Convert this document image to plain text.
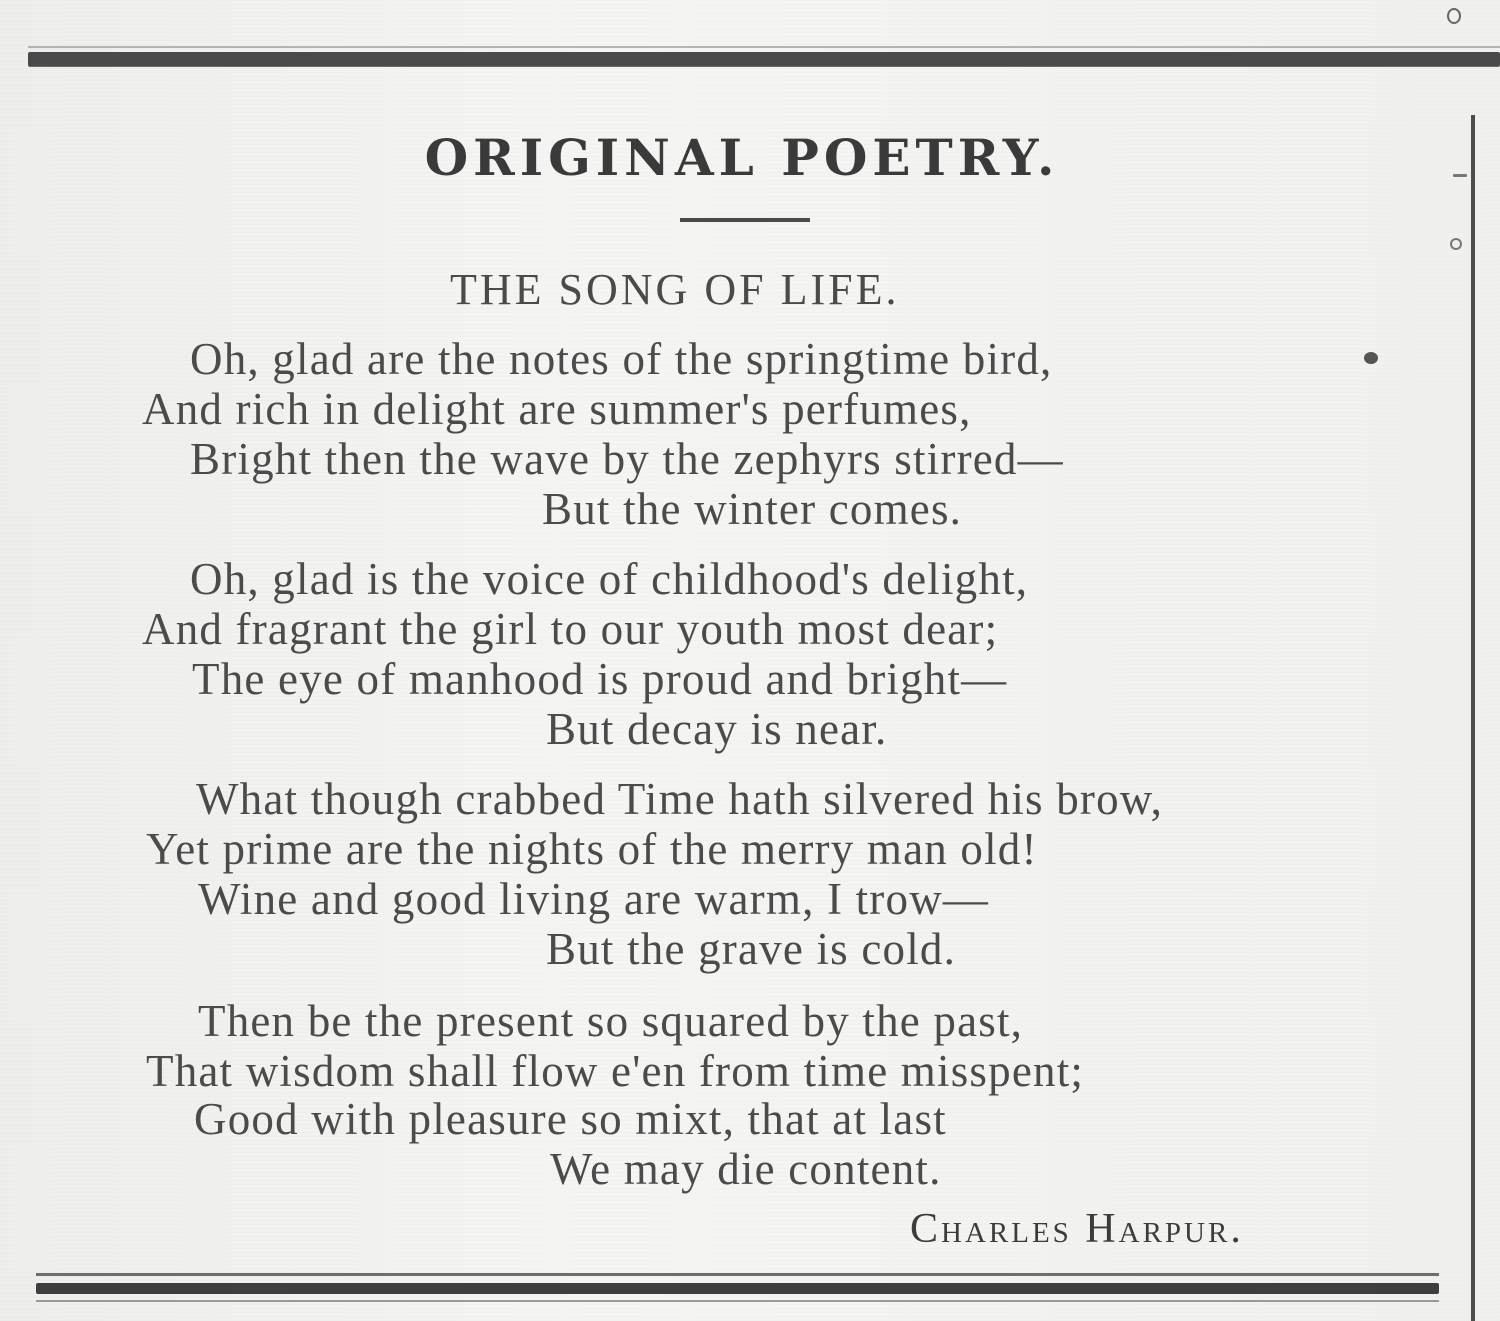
ORIGINAL POETRY.
THE SONG OF LIFE.
Oh, glad are the notes of the springtime bird,
And rich in delight are summer's perfumes,
Bright then the wave by the zephyrs stirred—
But the winter comes.
Oh, glad is the voice of childhood's delight,
And fragrant the girl to our youth most dear;
The eye of manhood is proud and bright—
But decay is near.
What though crabbed Time hath silvered his brow,
Yet prime are the nights of the merry man old!
Wine and good living are warm, I trow—
But the grave is cold.
Then be the present so squared by the past,
That wisdom shall flow e'en from time misspent;
Good with pleasure so mixt, that at last
We may die content.
Charles Harpur.
